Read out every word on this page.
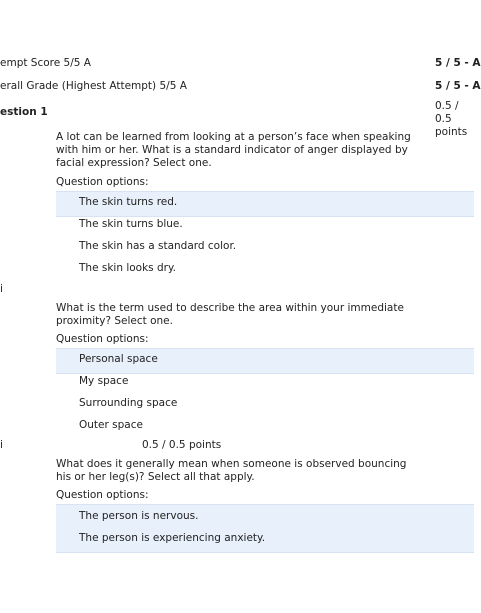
empt Score 5/5 A	5 / 5 - A
erall Grade (Highest Attempt) 5/5 A	5 / 5 - A
estion 1	0.5 / 0.5 points
A lot can be learned from looking at a person’s face when speaking with him or her. What is a standard indicator of anger displayed by facial expression? Select one.
Question options:
The skin turns red.
The skin turns blue.
The skin has a standard color.
The skin looks dry.
i
What is the term used to describe the area within your immediate proximity? Select one.
Question options:
Personal space
My space
Surrounding space
Outer space
i	0.5 / 0.5 points
What does it generally mean when someone is observed bouncing his or her leg(s)? Select all that apply.
Question options:
The person is nervous.
The person is experiencing anxiety.
